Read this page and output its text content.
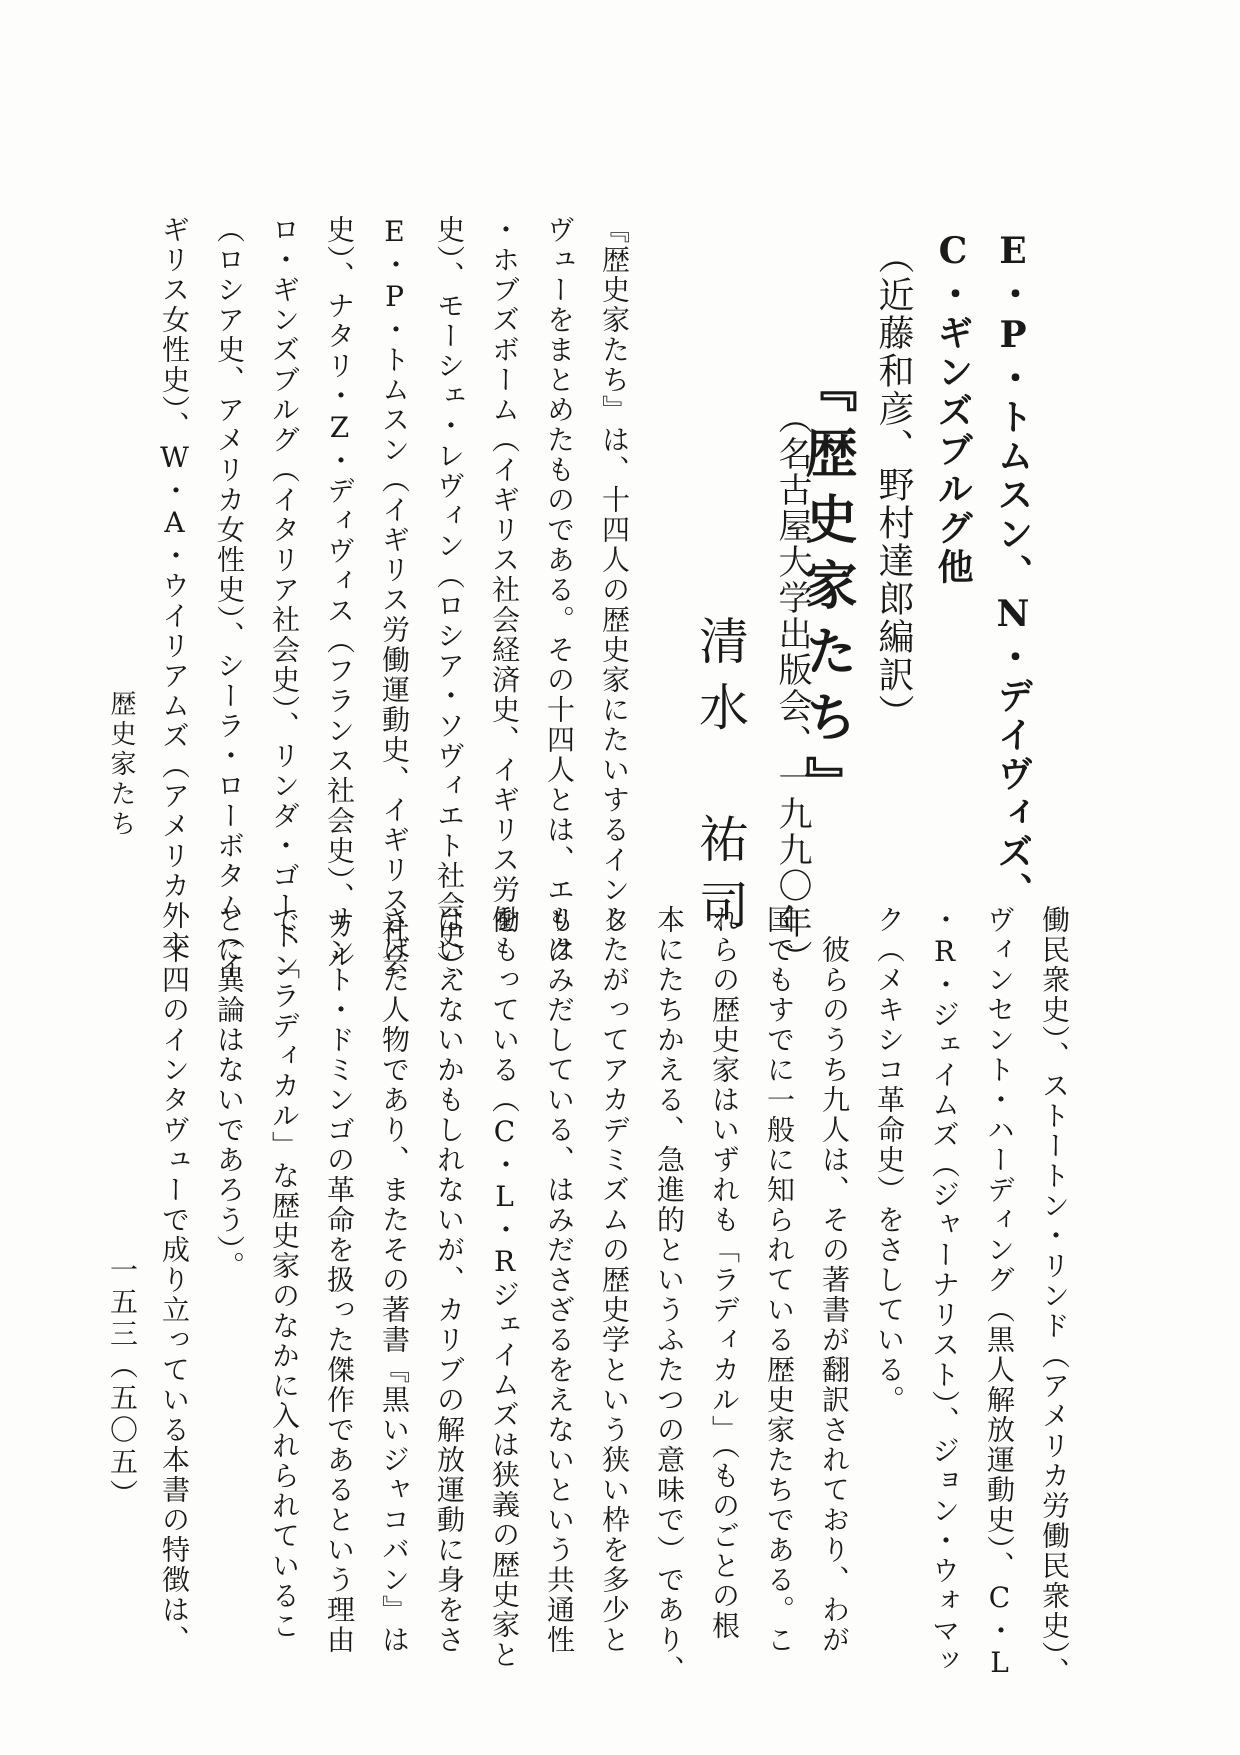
E・P・トムスン、N・デイヴィズ、
C・ギンズブルグ他
（近藤和彦、野村達郎編訳）
『歴史家たち』
（名古屋大学出版会、一九九〇年）
清水　祐司
『歴史家たち』は、十四人の歴史家にたいするインタ
ヴューをまとめたものである。その十四人とは、エリク
・ホブズボーム（イギリス社会経済史、イギリス労働
史）、モーシェ・レヴィン（ロシア・ソヴィエト社会史）、
E・P・トムスン（イギリス労働運動史、イギリス社会
史）、ナタリ・Z・ディヴィス（フランス社会史）、カル
ロ・ギンズブルグ（イタリア社会史）、リンダ・ゴードン
（ロシア史、アメリカ女性史）、シーラ・ローボタム（イ
ギリス女性史）、W・A・ウイリアムズ（アメリカ外交
働民衆史）、ストートン・リンド（アメリカ労働民衆史）、
ヴィンセント・ハーディング（黒人解放運動史）、C・L
・R・ジェイムズ（ジャーナリスト）、ジョン・ウォマッ
ク（メキシコ革命史）をさしている。
　彼らのうち九人は、その著書が翻訳されており、わが
国でもすでに一般に知られている歴史家たちである。こ
れらの歴史家はいずれも「ラディカル」（ものごとの根
本にたちかえる、急進的というふたつの意味で）であり、
したがってアカデミズムの歴史学という狭い枠を多少と
もはみだしている、はみださざるをえないという共通性
をもっている（C・L・Rジェイムズは狭義の歴史家と
はいえないかもしれないが、カリブの解放運動に身をさ
さげた人物であり、またその著書『黒いジャコバン』は
サント・ドミンゴの革命を扱った傑作であるという理由
で、「ラディカル」な歴史家のなかに入れられているこ
とに異論はないであろう）。
　十四のインタヴューで成り立っている本書の特徴は、
歴史家たち
一五三（五〇五）
